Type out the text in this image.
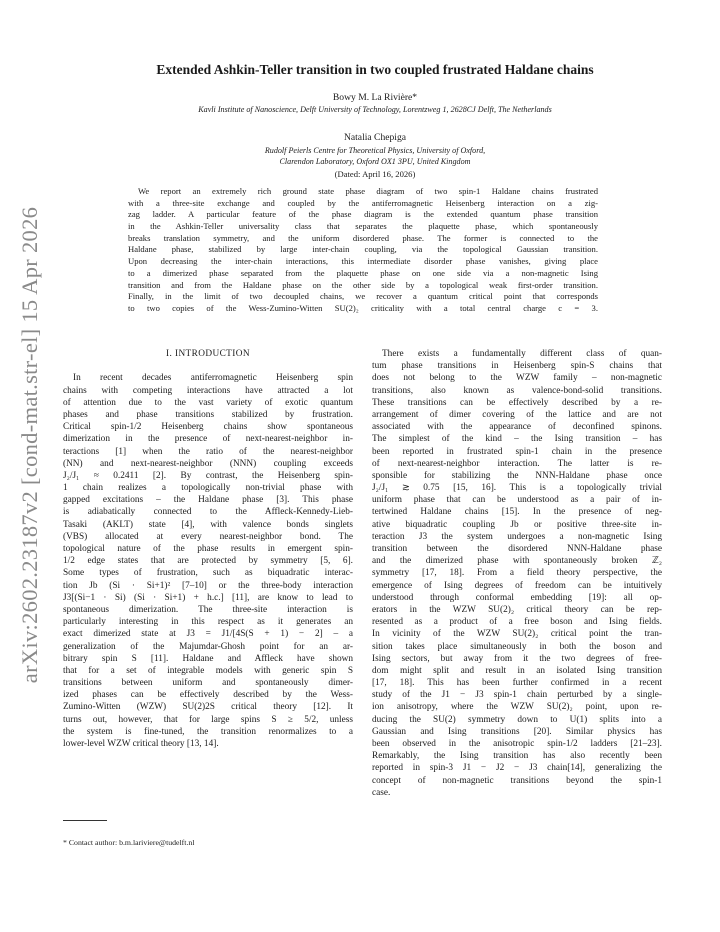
arXiv:2602.23187v2 [cond-mat.str-el] 15 Apr 2026
Extended Ashkin-Teller transition in two coupled frustrated Haldane chains
Bowy M. La Rivière*
Kavli Institute of Nanoscience, Delft University of Technology, Lorentzweg 1, 2628CJ Delft, The Netherlands
Natalia Chepiga
Rudolf Peierls Centre for Theoretical Physics, University of Oxford,
Clarendon Laboratory, Oxford OX1 3PU, United Kingdom
(Dated: April 16, 2026)
We report an extremely rich ground state phase diagram of two spin-1 Haldane chains frustrated
with a three-site exchange and coupled by the antiferromagnetic Heisenberg interaction on a zig-
zag ladder. A particular feature of the phase diagram is the extended quantum phase transition
in the Ashkin-Teller universality class that separates the plaquette phase, which spontaneously
breaks translation symmetry, and the uniform disordered phase. The former is connected to the
Haldane phase, stabilized by large inter-chain coupling, via the topological Gaussian transition.
Upon decreasing the inter-chain interactions, this intermediate disorder phase vanishes, giving place
to a dimerized phase separated from the plaquette phase on one side via a non-magnetic Ising
transition and from the Haldane phase on the other side by a topological weak first-order transition.
Finally, in the limit of two decoupled chains, we recover a quantum critical point that corresponds
to two copies of the Wess-Zumino-Witten SU(2)₂ criticality with a total central charge c = 3.
I. INTRODUCTION
In recent decades antiferromagnetic Heisenberg spin
chains with competing interactions have attracted a lot
of attention due to the vast variety of exotic quantum
phases and phase transitions stabilized by frustration.
Critical spin-1/2 Heisenberg chains show spontaneous
dimerization in the presence of next-nearest-neighbor in-
teractions [1] when the ratio of the nearest-neighbor
(NN) and next-nearest-neighbor (NNN) coupling exceeds
J₂/J₁ ≈ 0.2411 [2]. By contrast, the Heisenberg spin-
1 chain realizes a topologically non-trivial phase with
gapped excitations – the Haldane phase [3]. This phase
is adiabatically connected to the Affleck-Kennedy-Lieb-
Tasaki (AKLT) state [4], with valence bonds singlets
(VBS) allocated at every nearest-neighbor bond. The
topological nature of the phase results in emergent spin-
1/2 edge states that are protected by symmetry [5, 6].
Some types of frustration, such as biquadratic interac-
tion Jb (Si · Si+1)² [7–10] or the three-body interaction
J3[(Si−1 · Si) (Si · Si+1) + h.c.] [11], are know to lead to
spontaneous dimerization. The three-site interaction is
particularly interesting in this respect as it generates an
exact dimerized state at J3 = J1/[4S(S + 1) − 2] – a
generalization of the Majumdar-Ghosh point for an ar-
bitrary spin S [11]. Haldane and Affleck have shown
that for a set of integrable models with generic spin S
transitions between uniform and spontaneously dimer-
ized phases can be effectively described by the Wess-
Zumino-Witten (WZW) SU(2)2S critical theory [12]. It
turns out, however, that for large spins S ≥ 5/2, unless
the system is fine-tuned, the transition renormalizes to a
lower-level WZW critical theory [13, 14].
There exists a fundamentally different class of quan-
tum phase transitions in Heisenberg spin-S chains that
does not belong to the WZW family – non-magnetic
transitions, also known as valence-bond-solid transitions.
These transitions can be effectively described by a re-
arrangement of dimer covering of the lattice and are not
associated with the appearance of deconfined spinons.
The simplest of the kind – the Ising transition – has
been reported in frustrated spin-1 chain in the presence
of next-nearest-neighbor interaction. The latter is re-
sponsible for stabilizing the NNN-Haldane phase once
J₂/J₁ ≳ 0.75 [15, 16]. This is a topologically trivial
uniform phase that can be understood as a pair of in-
tertwined Haldane chains [15]. In the presence of neg-
ative biquadratic coupling Jb or positive three-site in-
teraction J3 the system undergoes a non-magnetic Ising
transition between the disordered NNN-Haldane phase
and the dimerized phase with spontaneously broken ℤ₂
symmetry [17, 18]. From a field theory perspective, the
emergence of Ising degrees of freedom can be intuitively
understood through conformal embedding [19]: all op-
erators in the WZW SU(2)₂ critical theory can be rep-
resented as a product of a free boson and Ising fields.
In vicinity of the WZW SU(2)₂ critical point the tran-
sition takes place simultaneously in both the boson and
Ising sectors, but away from it the two degrees of free-
dom might split and result in an isolated Ising transition
[17, 18]. This has been further confirmed in a recent
study of the J1 − J3 spin-1 chain perturbed by a single-
ion anisotropy, where the WZW SU(2)₂ point, upon re-
ducing the SU(2) symmetry down to U(1) splits into a
Gaussian and Ising transitions [20]. Similar physics has
been observed in the anisotropic spin-1/2 ladders [21–23].
Remarkably, the Ising transition has also recently been
reported in spin-3 J1 − J2 − J3 chain[14], generalizing the
concept of non-magnetic transitions beyond the spin-1
case.
* Contact author: b.m.lariviere@tudelft.nl
